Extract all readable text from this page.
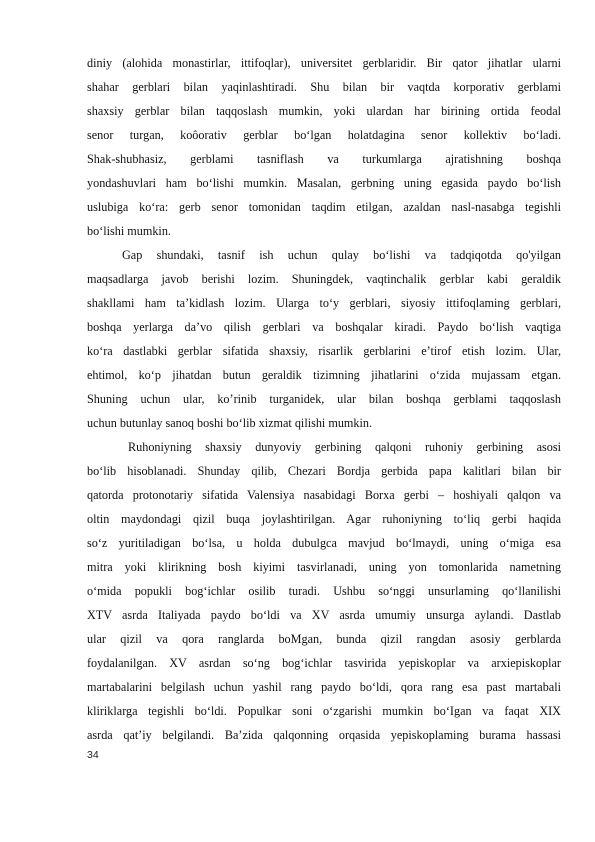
diniy (alohida monastirlar, ittifoqlar), universitet gerblaridir. Bir qator jihatlar ularni
shahar gerblari bilan yaqinlashtiradi. Shu bilan bir vaqtda korporativ gerblami
shaxsiy gerblar bilan taqqoslash mumkin, yoki ulardan har birining ortida feodal
senor turgan, koôorativ gerblar bo‘lgan holatdagina senor kollektiv bo‘ladi.
Shak-shubhasiz, gerblami tasniflash va turkumlarga ajratishning boshqa
yondashuvlari ham bo‘lishi mumkin. Masalan, gerbning uning egasida paydo bo‘lish
uslubiga ko‘ra: gerb senor tomonidan taqdim etilgan, azaldan nasl-nasabga tegishli
bo‘lishi mumkin.
Gap shundaki, tasnif ish uchun qulay bo‘lishi va tadqiqotda qo'yilgan
maqsadlarga javob berishi lozim. Shuningdek, vaqtinchalik gerblar kabi geraldik
shakllami ham ta’kidlash lozim. Ularga to‘y gerblari, siyosiy ittifoqlaming gerblari,
boshqa yerlarga da’vo qilish gerblari va boshqalar kiradi. Paydo bo‘lish vaqtiga
ko‘ra dastlabki gerblar sifatida shaxsiy, risarlik gerblarini e’tirof etish lozim. Ular,
ehtimol, ko‘p jihatdan butun geraldik tizimning jihatlarini o‘zida mujassam etgan.
Shuning uchun ular, ko’rinib turganidek, ular bilan boshqa gerblami taqqoslash
uchun butunlay sanoq boshi bo‘lib xizmat qilishi mumkin.
Ruhoniyning shaxsiy dunyoviy gerbining qalqoni ruhoniy gerbining asosi
bo‘lib hisoblanadi. Shunday qilib, Chezari Bordja gerbida papa kalitlari bilan bir
qatorda protonotariy sifatida Valensiya nasabidagi Borxa gerbi – hoshiyali qalqon va
oltin maydondagi qizil buqa joylashtirilgan. Agar ruhoniyning to‘liq gerbi haqida
so‘z yuritiladigan bo‘lsa, u holda dubulgca mavjud bo‘lmaydi, uning o‘miga esa
mitra yoki klirikning bosh kiyimi tasvirlanadi, uning yon tomonlarida nametning
o‘mida popukli bog‘ichlar osilib turadi. Ushbu so‘nggi unsurlaming qo‘llanilishi
XTV asrda Italiyada paydo bo‘ldi va XV asrda umumiy unsurga aylandi. Dastlab
ular qizil va qora ranglarda boMgan, bunda qizil rangdan asosiy gerblarda
foydalanilgan. XV asrdan so‘ng bog‘ichlar tasvirida yepiskoplar va arxiepiskoplar
martabalarini belgilash uchun yashil rang paydo bo‘ldi, qora rang esa past martabali
kliriklarga tegishli bo‘ldi. Populkar soni o‘zgarishi mumkin bo‘Igan va faqat XIX
asrda qat’iy belgilandi. Ba’zida qalqonning orqasida yepiskoplaming burama hassasi
34
